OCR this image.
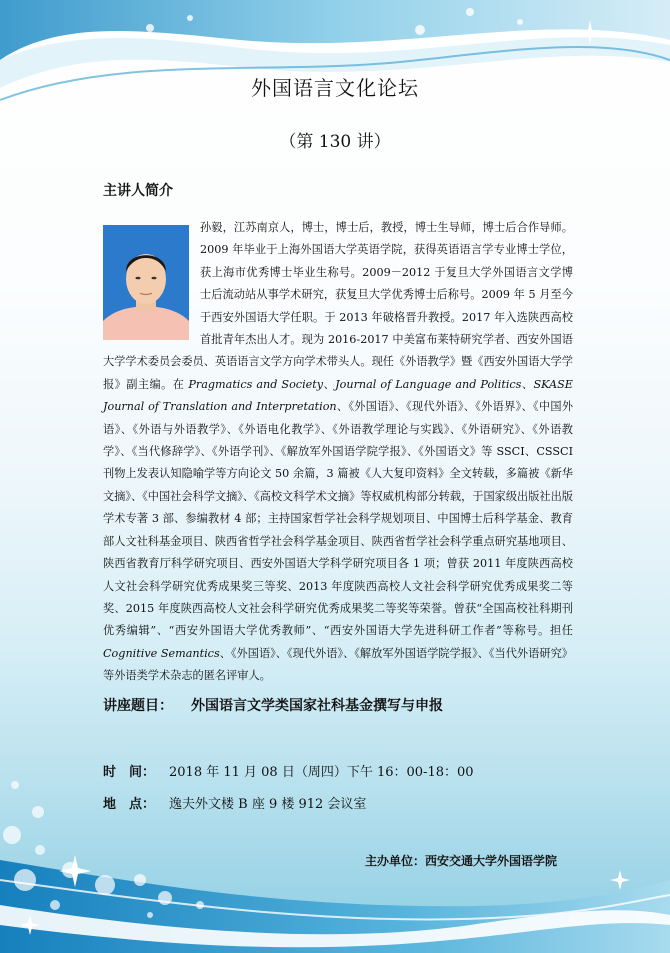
外国语言文化论坛
（第 130 讲）
主讲人简介

孙毅，江苏南京人，博士，博士后，教授，博士生导师，博士后合作导师。2009 年毕业于上海外国语大学英语学院，获得英语语言学专业博士学位，获上海市优秀博士毕业生称号。2009－2012 于复旦大学外国语言文学博士后流动站从事学术研究，获复旦大学优秀博士后称号。2009 年 5 月至今于西安外国语大学任职。于 2013 年破格晋升教授。2017 年入选陕西高校首批青年杰出人才。现为 2016-2017 中美富布莱特研究学者、西安外国语大学学术委员会委员、英语语言文学方向学术带头人。现任《外语教学》暨《西安外国语大学学报》副主编。在 Pragmatics and Society、Journal of Language and Politics、SKASE Journal of Translation and Interpretation、《外国语》、《现代外语》、《外语界》、《中国外语》、《外语与外语教学》、《外语电化教学》、《外语教学理论与实践》、《外语研究》、《外语教学》、《当代修辞学》、《外语学刊》、《解放军外国语学院学报》、《外国语文》等 SSCI、CSSCI 刊物上发表认知隐喻学等方向论文 50 余篇，3 篇被《人大复印资料》全文转载，多篇被《新华文摘》、《中国社会科学文摘》、《高校文科学术文摘》等权威机构部分转载，于国家级出版社出版学术专著 3 部、参编教材 4 部；主持国家哲学社会科学规划项目、中国博士后科学基金、教育部人文社科基金项目、陕西省哲学社会科学基金项目、陕西省哲学社会科学重点研究基地项目、陕西省教育厅科学研究项目、西安外国语大学科学研究项目各 1 项；曾获 2011 年度陕西高校人文社会科学研究优秀成果奖三等奖、2013 年度陕西高校人文社会科学研究优秀成果奖二等奖、2015 年度陕西高校人文社会科学研究优秀成果奖二等奖等荣誉。曾获“全国高校社科期刊优秀编辑”、“西安外国语大学优秀教师”、“西安外国语大学先进科研工作者”等称号。担任 Cognitive Semantics、《外国语》、《现代外语》、《解放军外国语学院学报》、《当代外语研究》等外语类学术杂志的匿名评审人。

讲座题目： 外国语言文学类国家社科基金撰写与申报
时　间： 2018 年 11 月 08 日（周四）下午 16：00-18：00
地　点： 逸夫外文楼 B 座 9 楼 912 会议室
主办单位：西安交通大学外国语学院
